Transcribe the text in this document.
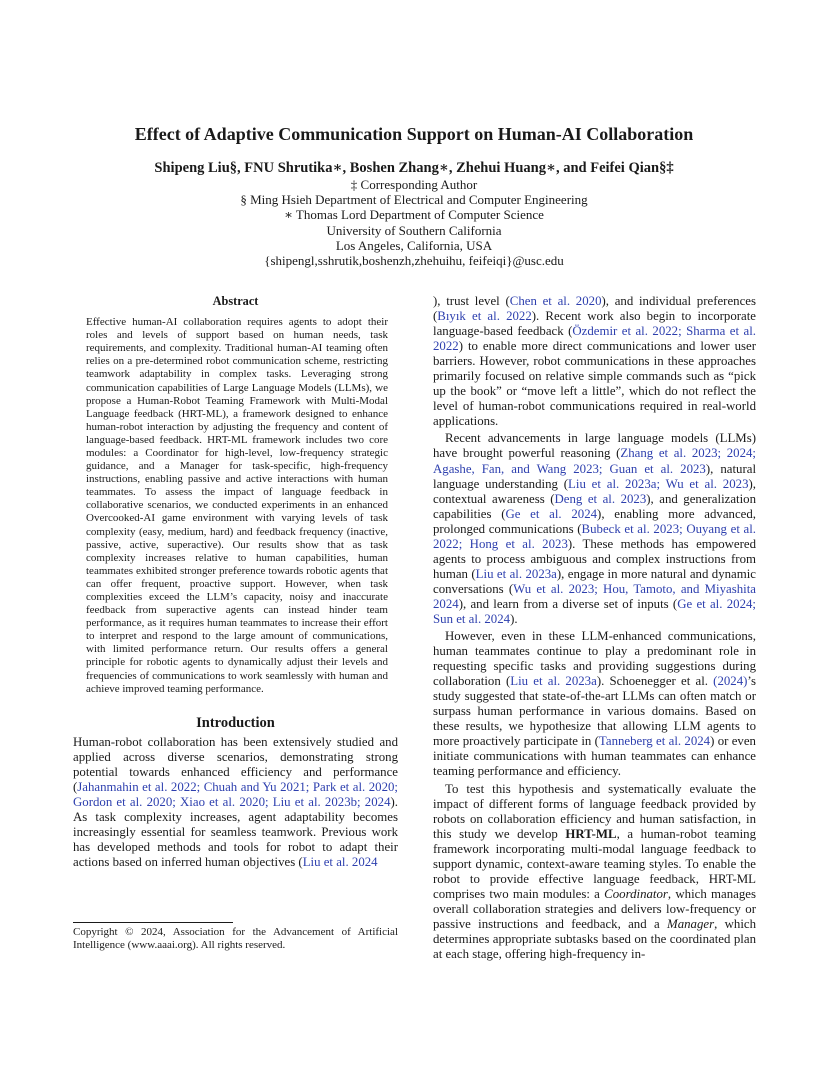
Effect of Adaptive Communication Support on Human-AI Collaboration
Shipeng Liu§, FNU Shrutika∗, Boshen Zhang∗, Zhehui Huang∗, and Feifei Qian§‡
‡ Corresponding Author
§ Ming Hsieh Department of Electrical and Computer Engineering
∗ Thomas Lord Department of Computer Science
University of Southern California
Los Angeles, California, USA
{shipengl,sshrutik,boshenzh,zhehuihu, feifeiqi}@usc.edu
Abstract

Effective human-AI collaboration requires agents to adopt their roles and levels of support based on human needs, task requirements, and complexity. Traditional human-AI teaming often relies on a pre-determined robot communication scheme, restricting teamwork adaptability in complex tasks. Leveraging strong communication capabilities of Large Language Models (LLMs), we propose a Human-Robot Teaming Framework with Multi-Modal Language feedback (HRT-ML), a framework designed to enhance human-robot interaction by adjusting the frequency and content of language-based feedback. HRT-ML framework includes two core modules: a Coordinator for high-level, low-frequency strategic guidance, and a Manager for task-specific, high-frequency instructions, enabling passive and active interactions with human teammates. To assess the impact of language feedback in collaborative scenarios, we conducted experiments in an enhanced Overcooked-AI game environment with varying levels of task complexity (easy, medium, hard) and feedback frequency (inactive, passive, active, superactive). Our results show that as task complexity increases relative to human capabilities, human teammates exhibited stronger preference towards robotic agents that can offer frequent, proactive support. However, when task complexities exceed the LLM’s capacity, noisy and inaccurate feedback from superactive agents can instead hinder team performance, as it requires human teammates to increase their effort to interpret and respond to the large amount of communications, with limited performance return. Our results offers a general principle for robotic agents to dynamically adjust their levels and frequencies of communications to work seamlessly with human and achieve improved teaming performance.

Introduction

Human-robot collaboration has been extensively studied and applied across diverse scenarios, demonstrating strong potential towards enhanced efficiency and performance (Jahanmahin et al. 2022; Chuah and Yu 2021; Park et al. 2020; Gordon et al. 2020; Xiao et al. 2020; Liu et al. 2023b; 2024). As task complexity increases, agent adaptability becomes increasingly essential for seamless teamwork. Previous work has developed methods and tools for robot to adapt their actions based on inferred human objectives (Liu et al. 2024

Copyright © 2024, Association for the Advancement of Artificial Intelligence (www.aaai.org). All rights reserved.

), trust level (Chen et al. 2020), and individual preferences (Bıyık et al. 2022). Recent work also begin to incorporate language-based feedback (Özdemir et al. 2022; Sharma et al. 2022) to enable more direct communications and lower user barriers. However, robot communications in these approaches primarily focused on relative simple commands such as “pick up the book” or “move left a little”, which do not reflect the level of human-robot communications required in real-world applications.

Recent advancements in large language models (LLMs) have brought powerful reasoning (Zhang et al. 2023; 2024; Agashe, Fan, and Wang 2023; Guan et al. 2023), natural language understanding (Liu et al. 2023a; Wu et al. 2023), contextual awareness (Deng et al. 2023), and generalization capabilities (Ge et al. 2024), enabling more advanced, prolonged communications (Bubeck et al. 2023; Ouyang et al. 2022; Hong et al. 2023). These methods has empowered agents to process ambiguous and complex instructions from human (Liu et al. 2023a), engage in more natural and dynamic conversations (Wu et al. 2023; Hou, Tamoto, and Miyashita 2024), and learn from a diverse set of inputs (Ge et al. 2024; Sun et al. 2024).

However, even in these LLM-enhanced communications, human teammates continue to play a predominant role in requesting specific tasks and providing suggestions during collaboration (Liu et al. 2023a). Schoenegger et al. (2024)’s study suggested that state-of-the-art LLMs can often match or surpass human performance in various domains. Based on these results, we hypothesize that allowing LLM agents to more proactively participate in (Tanneberg et al. 2024) or even initiate communications with human teammates can enhance teaming performance and efficiency.

To test this hypothesis and systematically evaluate the impact of different forms of language feedback provided by robots on collaboration efficiency and human satisfaction, in this study we develop HRT-ML, a human-robot teaming framework incorporating multi-modal language feedback to support dynamic, context-aware teaming styles. To enable the robot to provide effective language feedback, HRT-ML comprises two main modules: a Coordinator, which manages overall collaboration strategies and delivers low-frequency or passive instructions and feedback, and a Manager, which determines appropriate subtasks based on the coordinated plan at each stage, offering high-frequency in-
